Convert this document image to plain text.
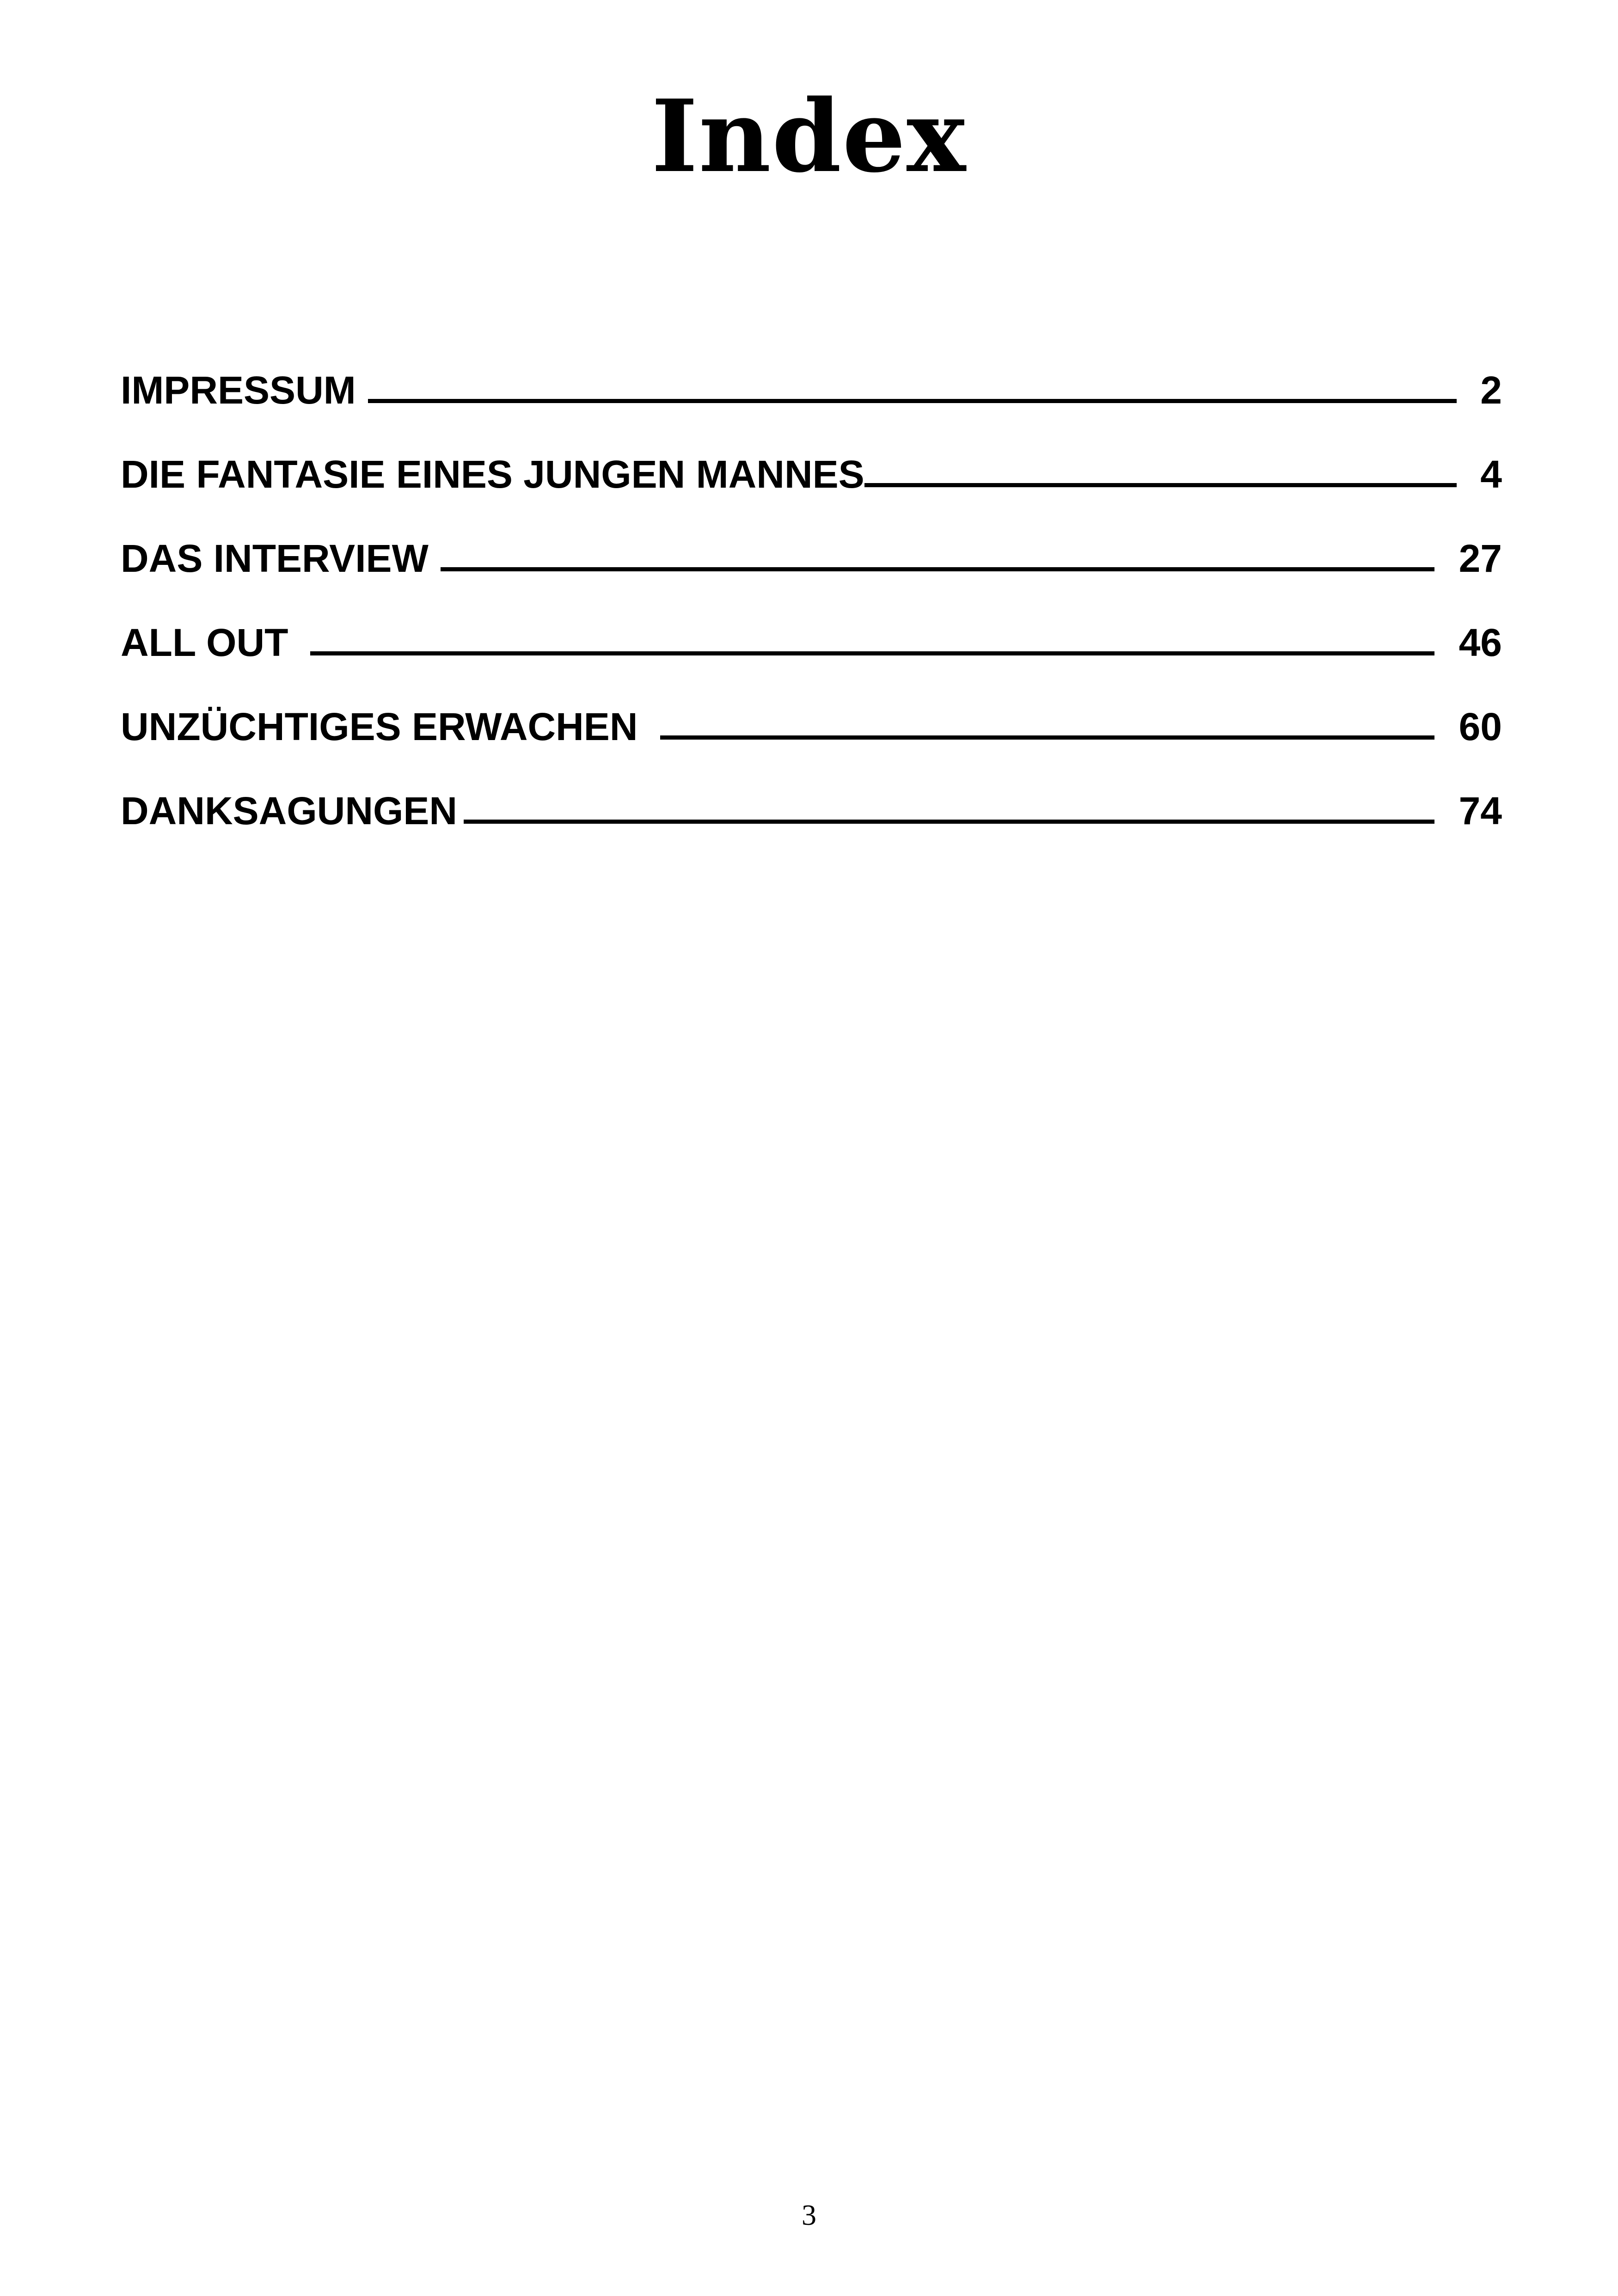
Index
IMPRESSUM	2
DIE FANTASIE EINES JUNGEN MANNES	4
DAS INTERVIEW	27
ALL OUT	46
UNZÜCHTIGES ERWACHEN	60
DANKSAGUNGEN	74
3
